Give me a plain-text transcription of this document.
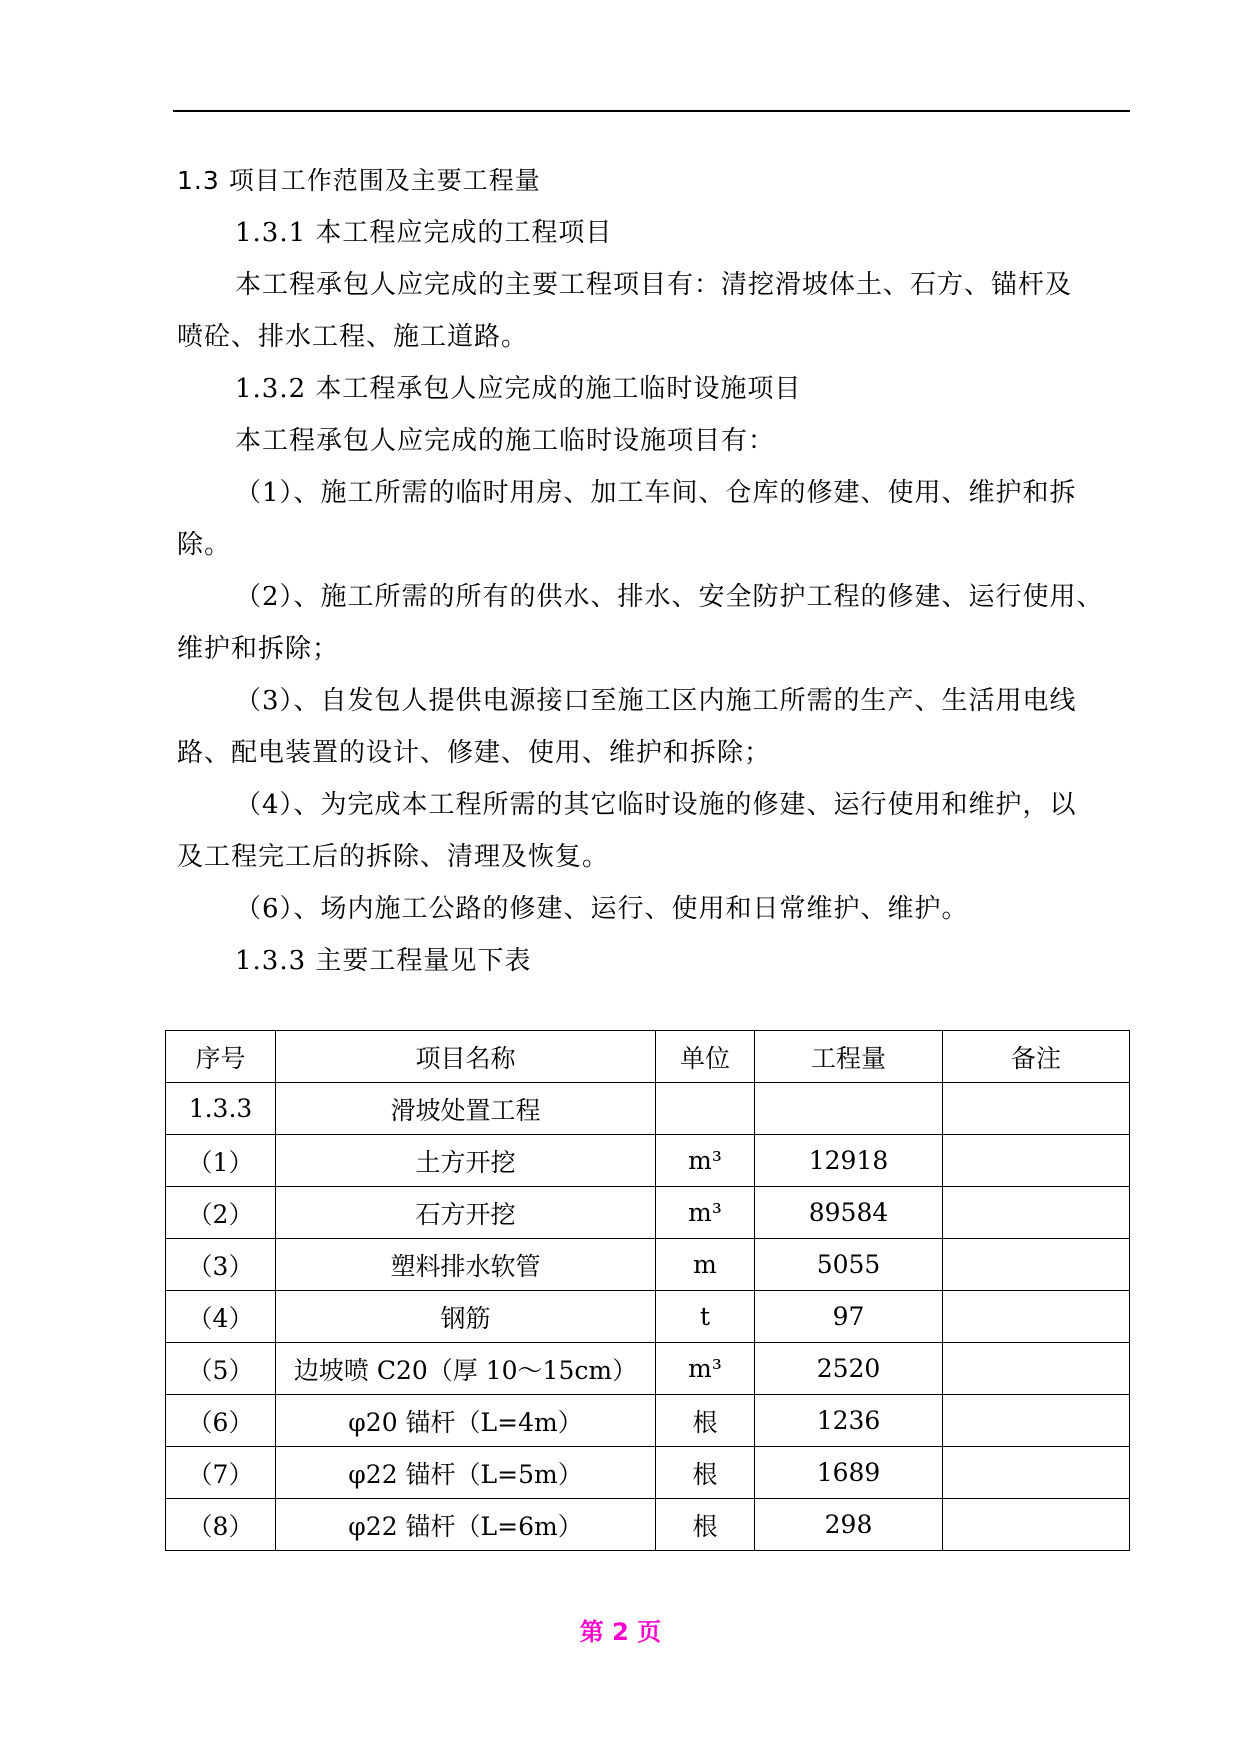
1.3 项目工作范围及主要工程量
1.3.1 本工程应完成的工程项目
本工程承包人应完成的主要工程项目有：清挖滑坡体土、石方、锚杆及
喷砼、排水工程、施工道路。
1.3.2 本工程承包人应完成的施工临时设施项目
本工程承包人应完成的施工临时设施项目有：
（1）、施工所需的临时用房、加工车间、仓库的修建、使用、维护和拆
除。
（2）、施工所需的所有的供水、排水、安全防护工程的修建、运行使用、
维护和拆除；
（3）、自发包人提供电源接口至施工区内施工所需的生产、生活用电线
路、配电装置的设计、修建、使用、维护和拆除；
（4）、为完成本工程所需的其它临时设施的修建、运行使用和维护，以
及工程完工后的拆除、清理及恢复。
（6）、场内施工公路的修建、运行、使用和日常维护、维护。
1.3.3 主要工程量见下表
序号	项目名称	单位	工程量	备注
1.3.3	滑坡处置工程			
（1）	土方开挖	m³	12918	
（2）	石方开挖	m³	89584	
（3）	塑料排水软管	m	5055	
（4）	钢筋	t	97	
（5）	边坡喷 C20（厚 10～15cm）	m³	2520	
（6）	φ20 锚杆（L=4m）	根	1236	
（7）	φ22 锚杆（L=5m）	根	1689	
（8）	φ22 锚杆（L=6m）	根	298	
第 2 页
